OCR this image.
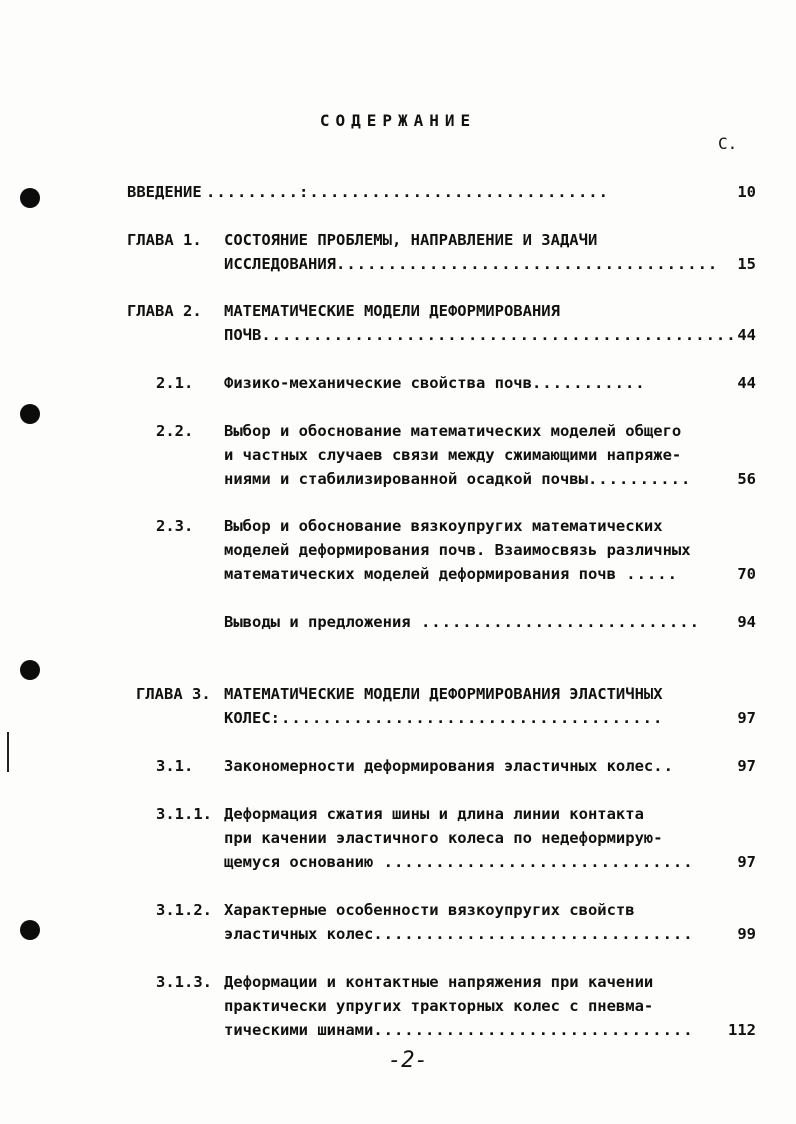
СОДЕРЖАНИЕ
С.
ВВЕДЕНИЕ .........:.............................	10
ГЛАВА 1. СОСТОЯНИЕ ПРОБЛЕМЫ, НАПРАВЛЕНИЕ И ЗАДАЧИ
ИССЛЕДОВАНИЯ.....................................	15
ГЛАВА 2. МАТЕМАТИЧЕСКИЕ МОДЕЛИ ДЕФОРМИРОВАНИЯ
ПОЧВ.............................................. 44
2.1. Физико-механические свойства почв...........	44
2.2. Выбор и обоснование математических моделей общего
и частных случаев связи между сжимающими напряже-
ниями и стабилизированной осадкой почвы..........	56
2.3. Выбор и обоснование вязкоупругих математических
моделей деформирования почв. Взаимосвязь различных
математических моделей деформирования почв .....	70
Выводы и предложения ...........................	94
ГЛАВА 3. МАТЕМАТИЧЕСКИЕ МОДЕЛИ ДЕФОРМИРОВАНИЯ ЭЛАСТИЧНЫХ
КОЛЕС:.....................................	97
3.1. Закономерности деформирования эластичных колес..	97
3.1.1. Деформация сжатия шины и длина линии контакта
при качении эластичного колеса по недеформирую-
щемуся основанию ..............................	97
3.1.2. Характерные особенности вязкоупругих свойств
эластичных колес...............................	99
3.1.3. Деформации и контактные напряжения при качении
практически упругих тракторных колес с пневма-
тическими шинами...............................	112
-2-
